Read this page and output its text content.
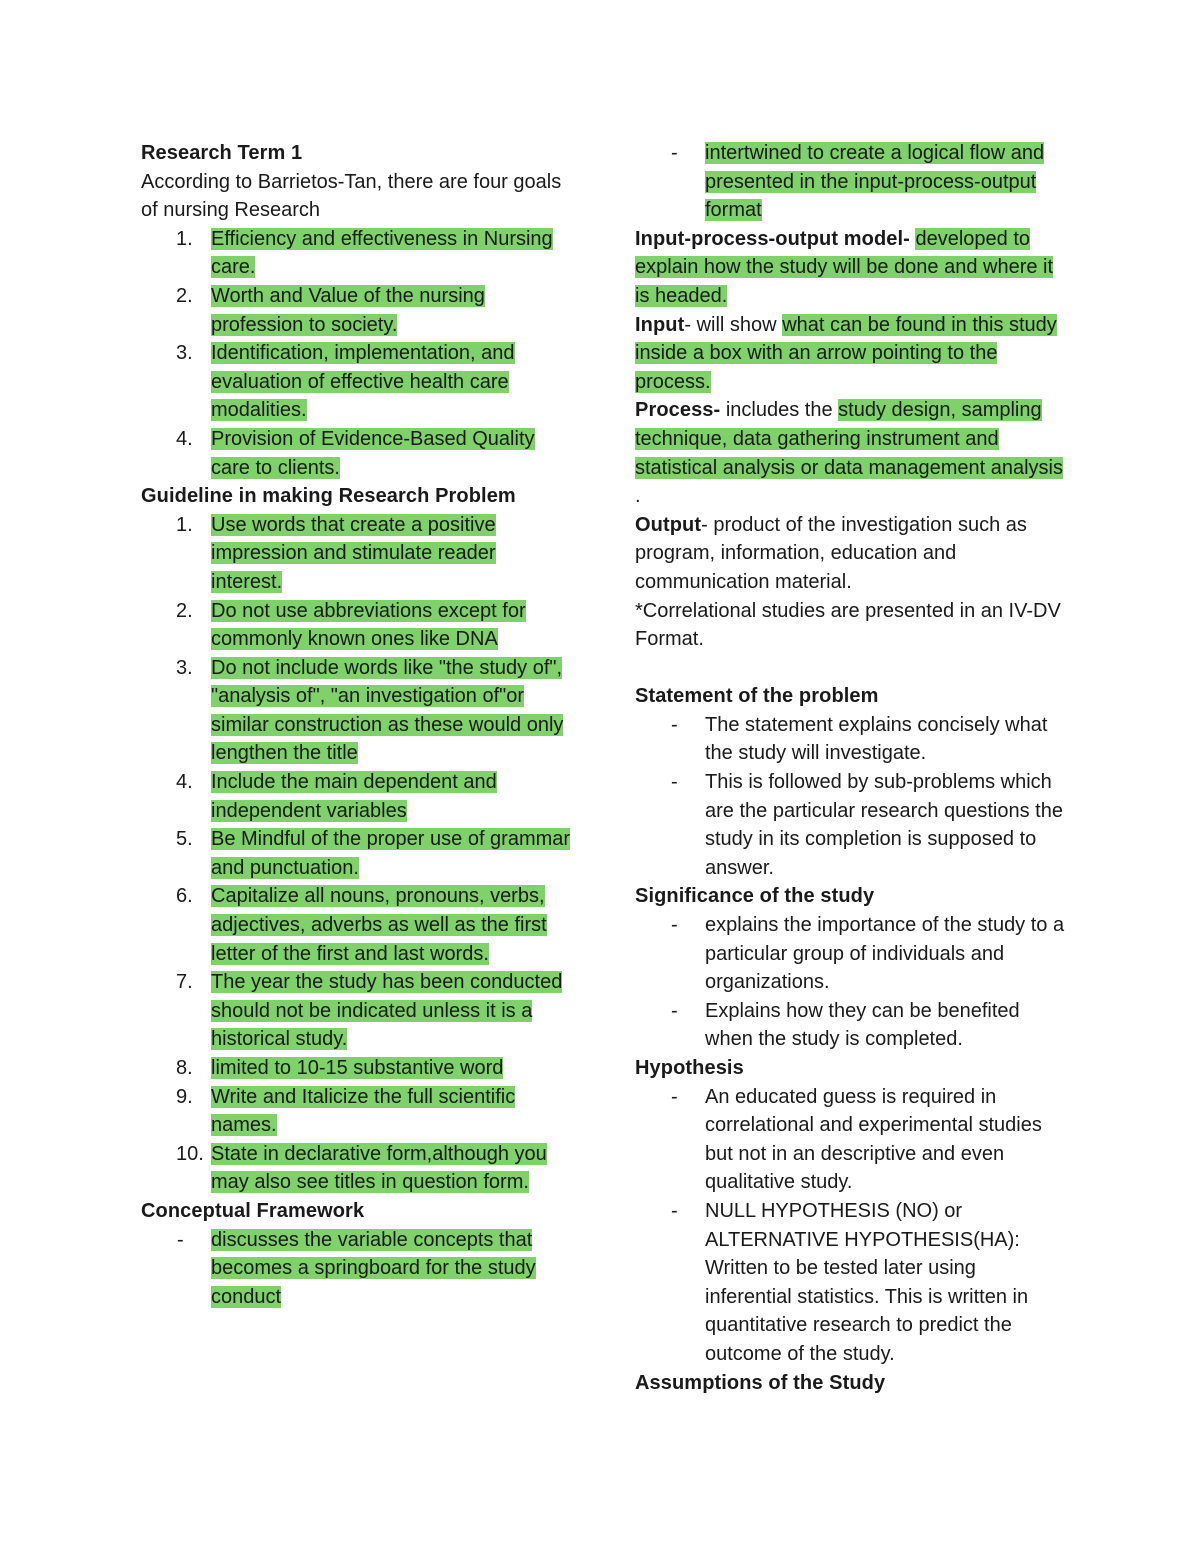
Research Term 1
According to Barrietos-Tan, there are four goals of nursing Research
1. Efficiency and effectiveness in Nursing care.
2. Worth and Value of the nursing profession to society.
3. Identification, implementation, and evaluation of effective health care modalities.
4. Provision of Evidence-Based Quality care to clients.
Guideline in making Research Problem
1. Use words that create a positive impression and stimulate reader interest.
2. Do not use abbreviations except for commonly known ones like DNA
3. Do not include words like "the study of", "analysis of", "an investigation of"or similar construction as these would only lengthen the title
4. Include the main dependent and independent variables
5. Be Mindful of the proper use of grammar and punctuation.
6. Capitalize all nouns, pronouns, verbs, adjectives, adverbs as well as the first letter of the first and last words.
7. The year the study has been conducted should not be indicated unless it is a historical study.
8. limited to 10-15 substantive word
9. Write and Italicize the full scientific names.
10. State in declarative form,although you may also see titles in question form.
Conceptual Framework
- discusses the variable concepts that becomes a springboard for the study conduct
- intertwined to create a logical flow and presented in the input-process-output format
Input-process-output model- developed to explain how the study will be done and where it is headed.
Input- will show what can be found in this study inside a box with an arrow pointing to the process.
Process- includes the study design, sampling technique, data gathering instrument and statistical analysis or data management analysis .
Output- product of the investigation such as program, information, education and communication material.
*Correlational studies are presented in an IV-DV Format.
Statement of the problem
- The statement explains concisely what the study will investigate.
- This is followed by sub-problems which are the particular research questions the study in its completion is supposed to answer.
Significance of the study
- explains the importance of the study to a particular group of individuals and organizations.
- Explains how they can be benefited when the study is completed.
Hypothesis
- An educated guess is required in correlational and experimental studies but not in an descriptive and even qualitative study.
- NULL HYPOTHESIS (NO) or ALTERNATIVE HYPOTHESIS(HA): Written to be tested later using inferential statistics. This is written in quantitative research to predict the outcome of the study.
Assumptions of the Study
